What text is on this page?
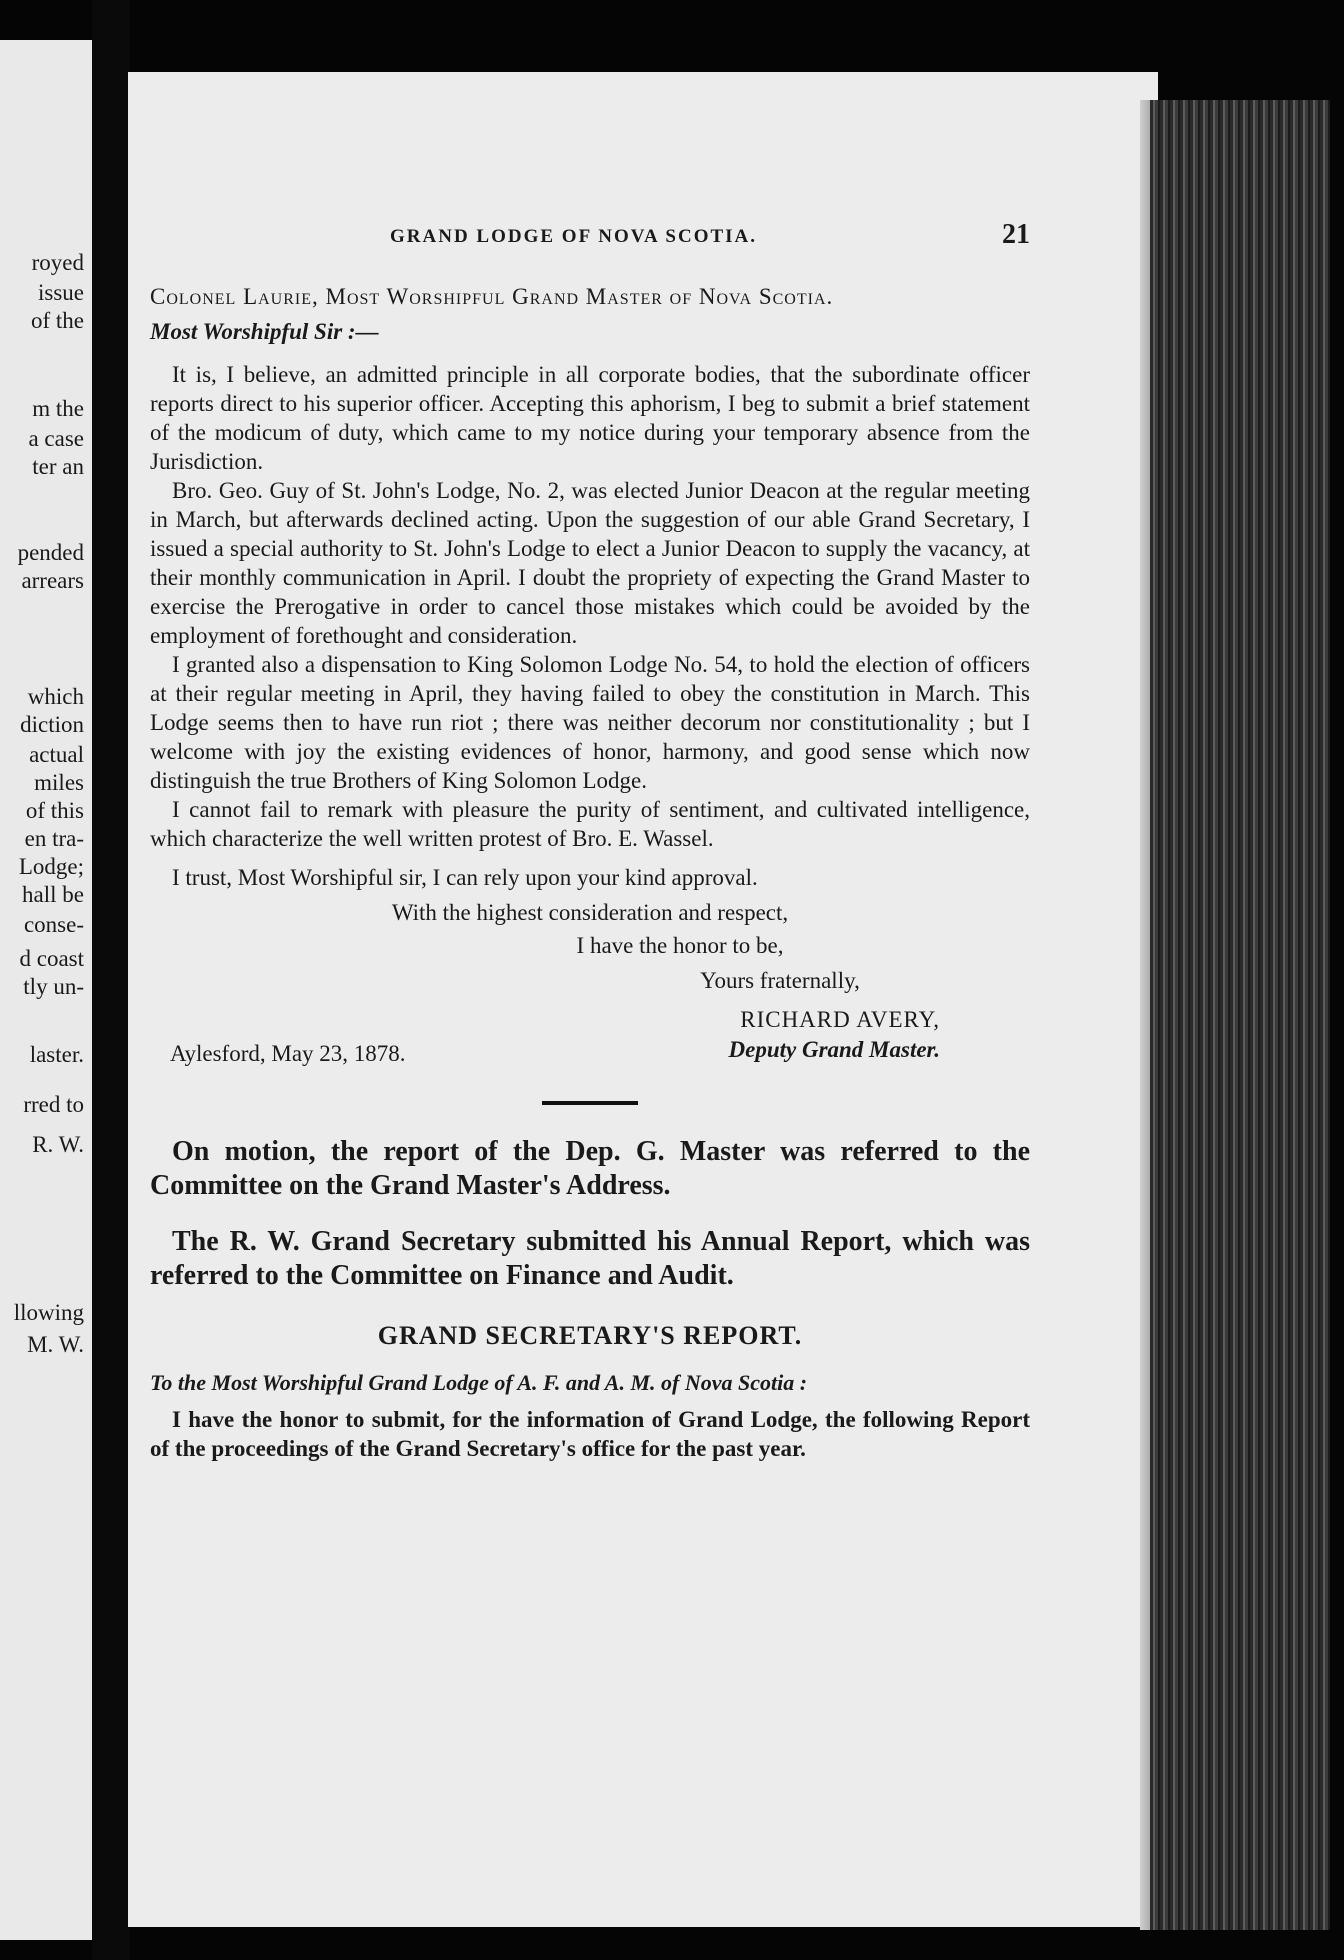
royed
issue
of the
m the
a case
ter an
pended
arrears
which
diction
actual
miles
of this
en tra-
Lodge;
hall be
conse-
d coast
tly un-
laster.
rred to
R. W.
llowing
M. W.
GRAND LODGE OF NOVA SCOTIA.	21
Colonel Laurie, Most Worshipful Grand Master of Nova Scotia.
Most Worshipful Sir :—

It is, I believe, an admitted principle in all corporate bodies, that the subordinate officer reports direct to his superior officer. Accepting this aphorism, I beg to submit a brief statement of the modicum of duty, which came to my notice during your temporary absence from the Jurisdiction.

Bro. Geo. Guy of St. John's Lodge, No. 2, was elected Junior Deacon at the regular meeting in March, but afterwards declined acting. Upon the suggestion of our able Grand Secretary, I issued a special authority to St. John's Lodge to elect a Junior Deacon to supply the vacancy, at their monthly communication in April. I doubt the propriety of expecting the Grand Master to exercise the Prerogative in order to cancel those mistakes which could be avoided by the employment of forethought and consideration.

I granted also a dispensation to King Solomon Lodge No. 54, to hold the election of officers at their regular meeting in April, they having failed to obey the constitution in March. This Lodge seems then to have run riot ; there was neither decorum nor constitutionality ; but I welcome with joy the existing evidences of honor, harmony, and good sense which now distinguish the true Brothers of King Solomon Lodge.

I cannot fail to remark with pleasure the purity of sentiment, and cultivated intelligence, which characterize the well written protest of Bro. E. Wassel.

I trust, Most Worshipful sir, I can rely upon your kind approval.

With the highest consideration and respect,
I have the honor to be,
Yours fraternally,
RICHARD AVERY,
Aylesford, May 23, 1878.	Deputy Grand Master.

On motion, the report of the Dep. G. Master was referred to the Committee on the Grand Master's Address.

The R. W. Grand Secretary submitted his Annual Report, which was referred to the Committee on Finance and Audit.

GRAND SECRETARY'S REPORT.
To the Most Worshipful Grand Lodge of A. F. and A. M. of Nova Scotia :

I have the honor to submit, for the information of Grand Lodge, the following Report of the proceedings of the Grand Secretary's office for the past year.
